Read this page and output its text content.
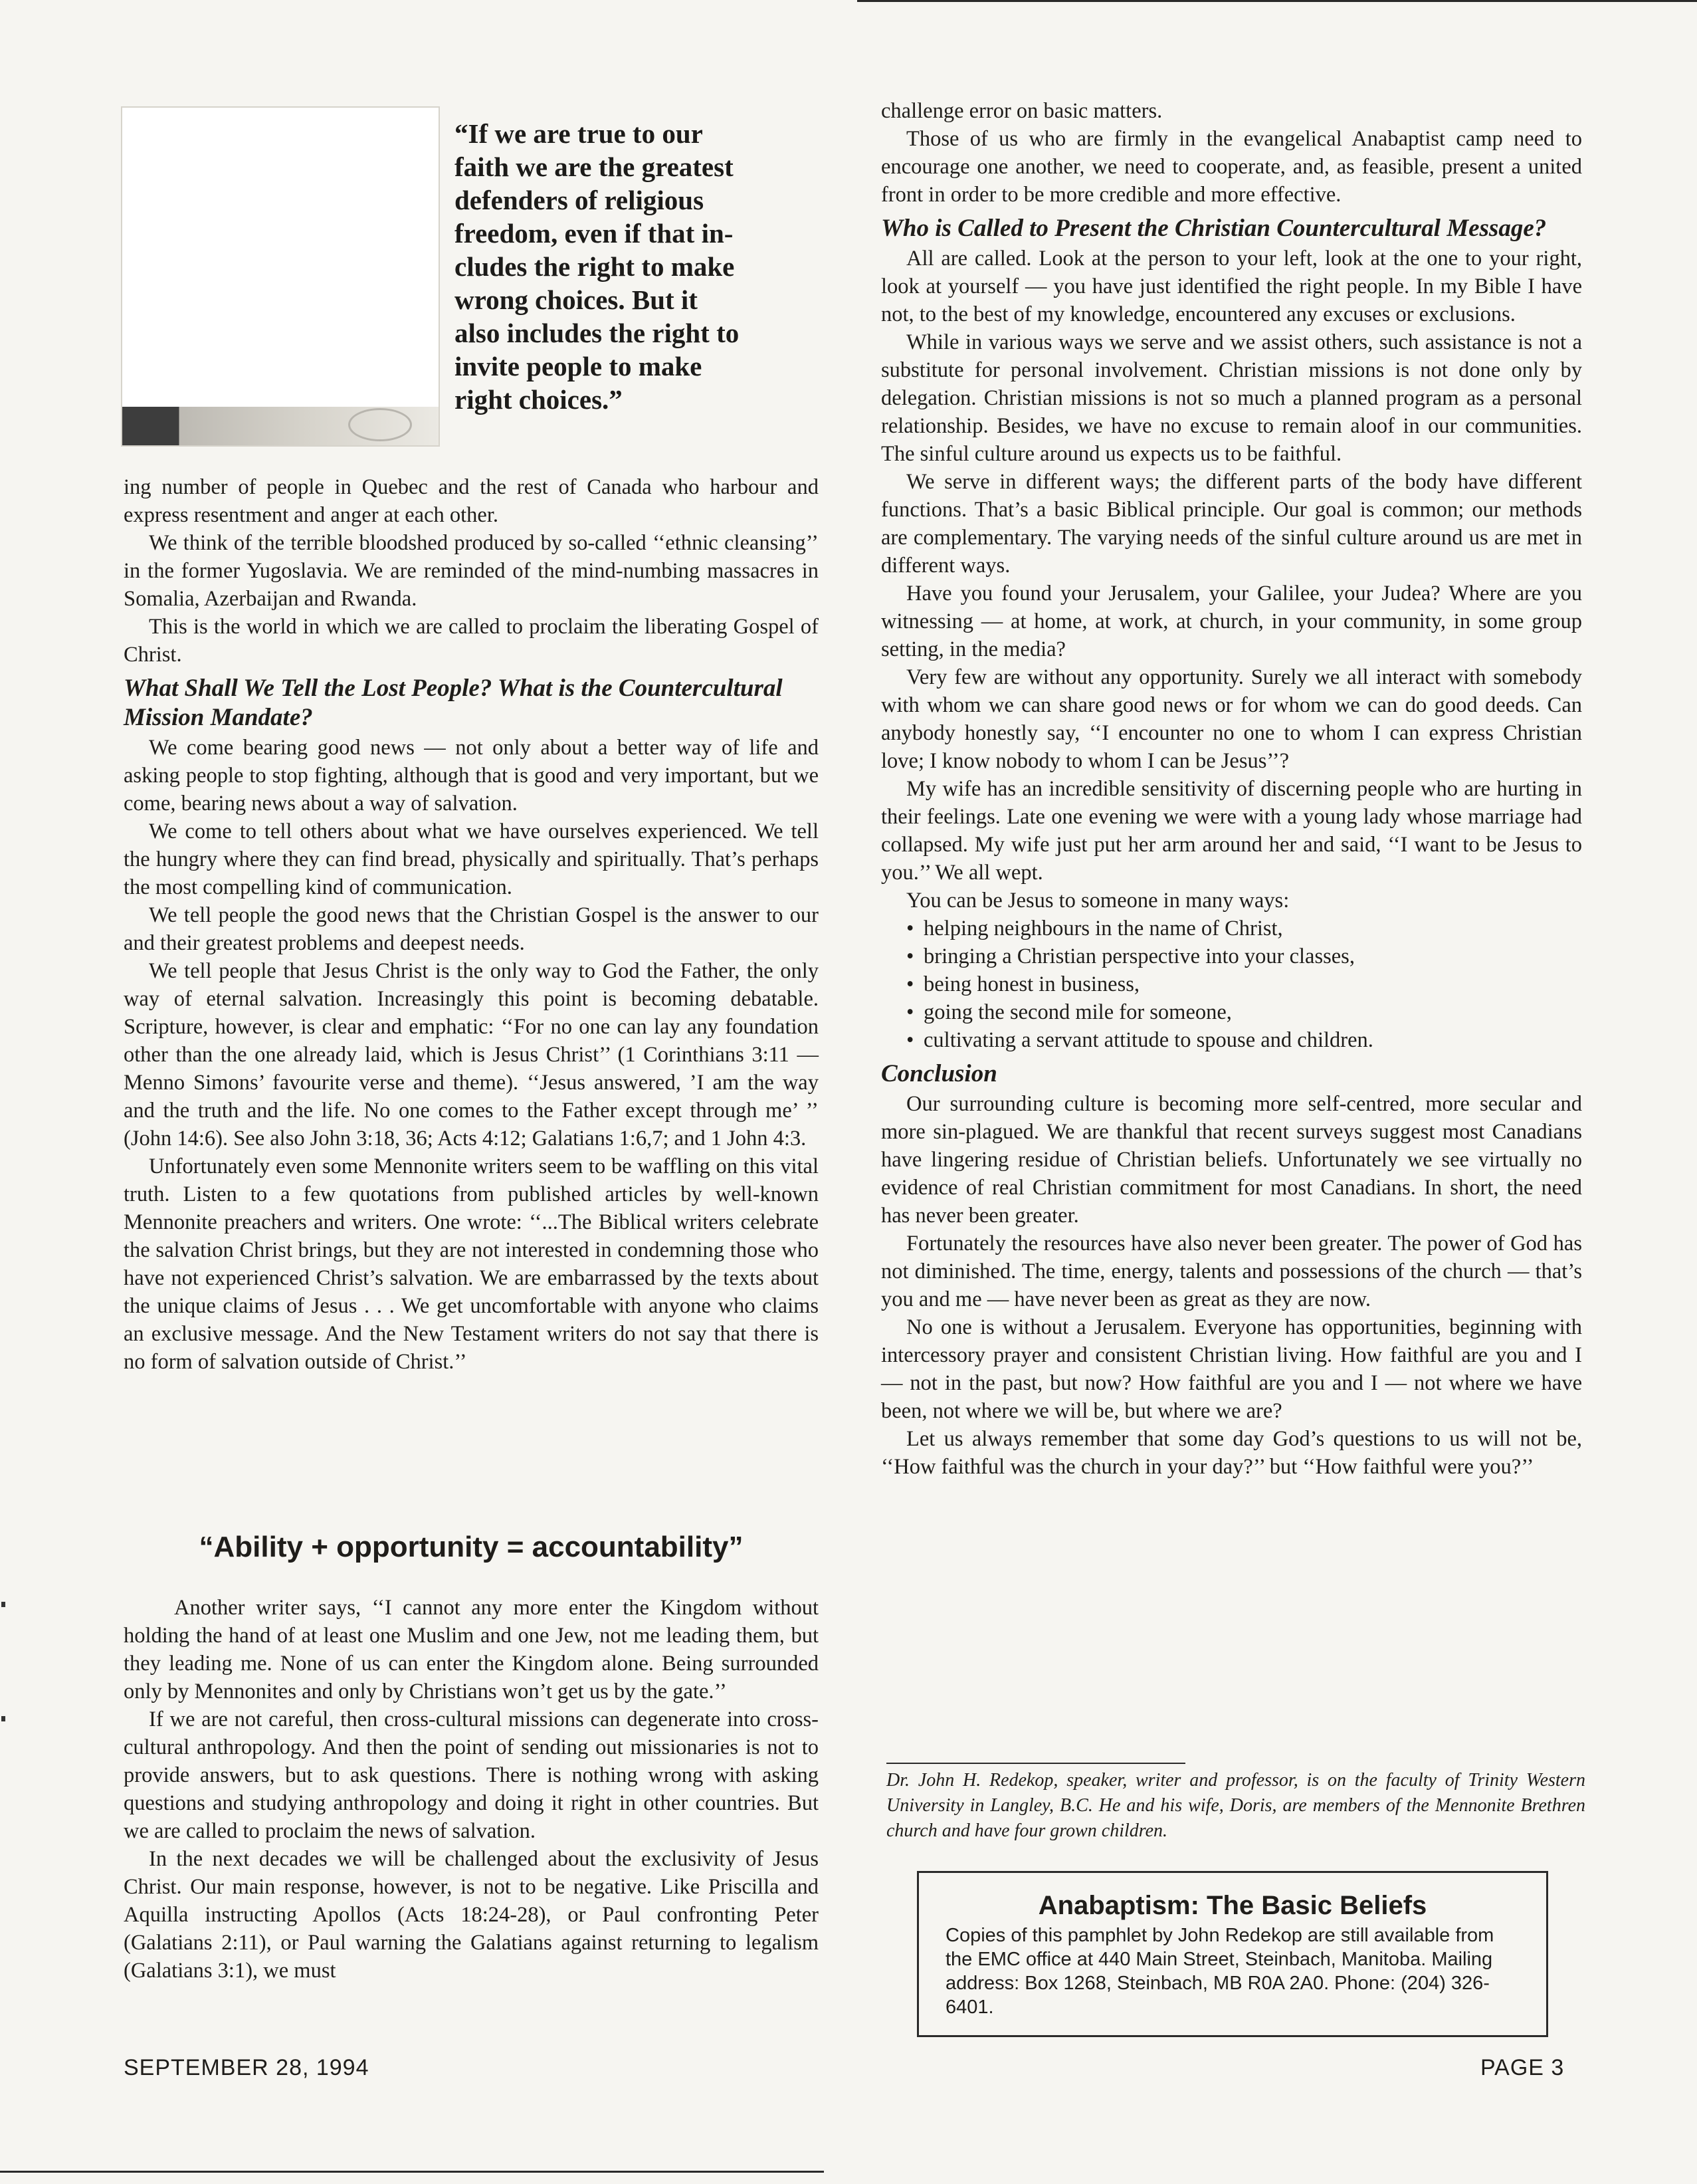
“If we are true to our
faith we are the greatest
defenders of religious
freedom, even if that in-
cludes the right to make
wrong choices. But it
also includes the right to
invite people to make
right choices.”

ing number of people in Quebec and the rest of Canada who harbour and express resentment and anger at each other.

We think of the terrible bloodshed produced by so-called ‘‘ethnic cleansing’’ in the former Yugoslavia. We are reminded of the mind-numbing massacres in Somalia, Azerbaijan and Rwanda.

This is the world in which we are called to proclaim the liberating Gospel of Christ.

What Shall We Tell the Lost People? What is the Countercultural Mission Mandate?

We come bearing good news — not only about a better way of life and asking people to stop fighting, although that is good and very important, but we come, bearing news about a way of salvation.

We come to tell others about what we have ourselves experienced. We tell the hungry where they can find bread, physically and spiritually. That’s perhaps the most compelling kind of communication.

We tell people the good news that the Christian Gospel is the answer to our and their greatest problems and deepest needs.

We tell people that Jesus Christ is the only way to God the Father, the only way of eternal salvation. Increasingly this point is becoming debatable. Scripture, however, is clear and emphatic: ‘‘For no one can lay any foundation other than the one already laid, which is Jesus Christ’’ (1 Corinthians 3:11 — Menno Simons’ favourite verse and theme). ‘‘Jesus answered, ’I am the way and the truth and the life. No one comes to the Father except through me’ ’’ (John 14:6). See also John 3:18, 36; Acts 4:12; Galatians 1:6,7; and 1 John 4:3.

Unfortunately even some Mennonite writers seem to be waffling on this vital truth. Listen to a few quotations from published articles by well-known Mennonite preachers and writers. One wrote: ‘‘...The Biblical writers celebrate the salvation Christ brings, but they are not interested in condemning those who have not experienced Christ’s salvation. We are embarrassed by the texts about the unique claims of Jesus . . . We get uncomfortable with anyone who claims an exclusive message. And the New Testament writers do not say that there is no form of salvation outside of Christ.’’

“Ability + opportunity = accountability”

Another writer says, ‘‘I cannot any more enter the Kingdom without holding the hand of at least one Muslim and one Jew, not me leading them, but they leading me. None of us can enter the Kingdom alone. Being surrounded only by Mennonites and only by Christians won’t get us by the gate.’’

If we are not careful, then cross-cultural missions can degenerate into cross-cultural anthropology. And then the point of sending out missionaries is not to provide answers, but to ask questions. There is nothing wrong with asking questions and studying anthropology and doing it right in other countries. But we are called to proclaim the news of salvation.

In the next decades we will be challenged about the exclusivity of Jesus Christ. Our main response, however, is not to be negative. Like Priscilla and Aquilla instructing Apollos (Acts 18:24-28), or Paul confronting Peter (Galatians 2:11), or Paul warning the Galatians against returning to legalism (Galatians 3:1), we must

challenge error on basic matters.

Those of us who are firmly in the evangelical Anabaptist camp need to encourage one another, we need to cooperate, and, as feasible, present a united front in order to be more credible and more effective.

Who is Called to Present the Christian Countercultural Message?

All are called. Look at the person to your left, look at the one to your right, look at yourself — you have just identified the right people. In my Bible I have not, to the best of my knowledge, encountered any excuses or exclusions.

While in various ways we serve and we assist others, such assistance is not a substitute for personal involvement. Christian missions is not done only by delegation. Christian missions is not so much a planned program as a personal relationship. Besides, we have no excuse to remain aloof in our communities. The sinful culture around us expects us to be faithful.

We serve in different ways; the different parts of the body have different functions. That’s a basic Biblical principle. Our goal is common; our methods are complementary. The varying needs of the sinful culture around us are met in different ways.

Have you found your Jerusalem, your Galilee, your Judea? Where are you witnessing — at home, at work, at church, in your community, in some group setting, in the media?

Very few are without any opportunity. Surely we all interact with somebody with whom we can share good news or for whom we can do good deeds. Can anybody honestly say, ‘‘I encounter no one to whom I can express Christian love; I know nobody to whom I can be Jesus’’?

My wife has an incredible sensitivity of discerning people who are hurting in their feelings. Late one evening we were with a young lady whose marriage had collapsed. My wife just put her arm around her and said, ‘‘I want to be Jesus to you.’’ We all wept.

You can be Jesus to someone in many ways:

• helping neighbours in the name of Christ,
• bringing a Christian perspective into your classes,
• being honest in business,
• going the second mile for someone,
• cultivating a servant attitude to spouse and children.
Conclusion

Our surrounding culture is becoming more self-centred, more secular and more sin-plagued. We are thankful that recent surveys suggest most Canadians have lingering residue of Christian beliefs. Unfortunately we see virtually no evidence of real Christian commitment for most Canadians. In short, the need has never been greater.

Fortunately the resources have also never been greater. The power of God has not diminished. The time, energy, talents and possessions of the church — that’s you and me — have never been as great as they are now.

No one is without a Jerusalem. Everyone has opportunities, beginning with intercessory prayer and consistent Christian living. How faithful are you and I — not in the past, but now? How faithful are you and I — not where we have been, not where we will be, but where we are?

Let us always remember that some day God’s questions to us will not be, ‘‘How faithful was the church in your day?’’ but ‘‘How faithful were you?’’

Dr. John H. Redekop, speaker, writer and professor, is on the faculty of Trinity Western University in Langley, B.C. He and his wife, Doris, are members of the Mennonite Brethren church and have four grown children.
Anabaptism: The Basic Beliefs
Copies of this pamphlet by John Redekop are still available from the EMC office at 440 Main Street, Steinbach, Manitoba. Mailing address: Box 1268, Steinbach, MB R0A 2A0. Phone: (204) 326-6401.
SEPTEMBER 28, 1994	PAGE 3
